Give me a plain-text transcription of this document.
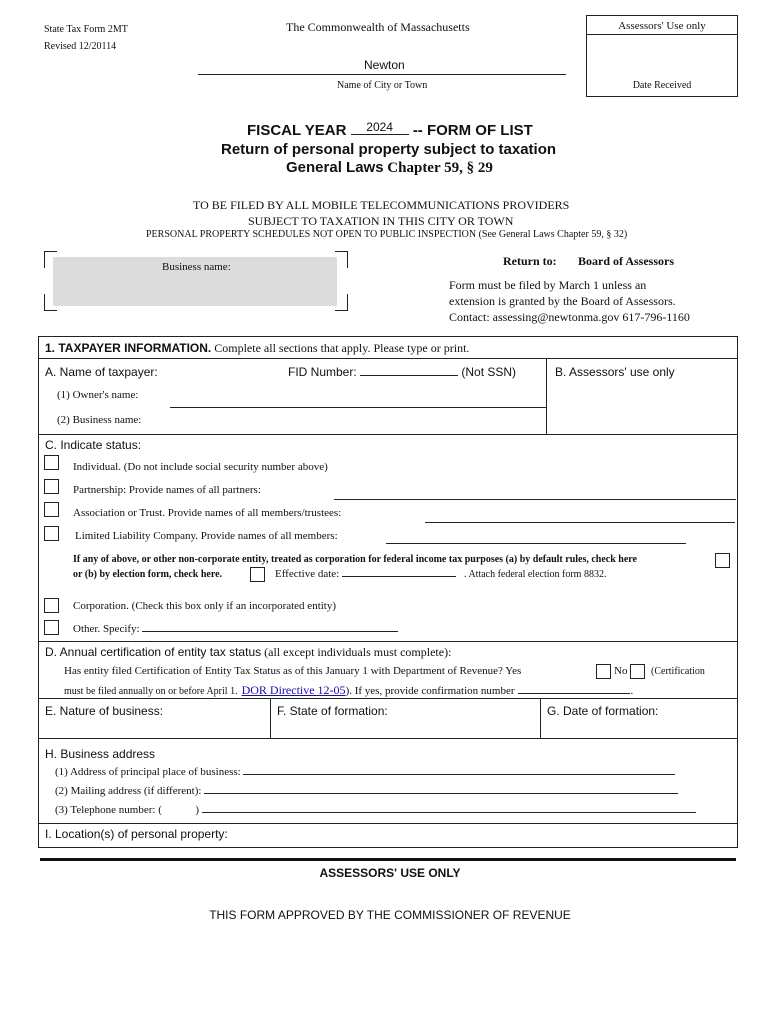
State Tax Form 2MT
Revised 12/20114
The Commonwealth of Massachusetts
Newton
Name of City or Town
Assessors' Use only
Date Received
FISCAL YEAR 2024 -- FORM OF LIST
Return of personal property subject to taxation
General Laws Chapter 59, § 29
TO BE FILED BY ALL MOBILE TELECOMMUNICATIONS PROVIDERS
SUBJECT TO TAXATION IN THIS CITY OR TOWN
PERSONAL PROPERTY SCHEDULES NOT OPEN TO PUBLIC INSPECTION (See General Laws Chapter 59, § 32)
Business name:	Return to: Board of Assessors
Form must be filed by March 1 unless an
extension is granted by the Board of Assessors.
Contact: assessing@newtonma.gov 617-796-1160
1. TAXPAYER INFORMATION. Complete all sections that apply. Please type or print.
A. Name of taxpayer:	FID Number:	(Not SSN)	B. Assessors' use only
(1) Owner's name:
(2) Business name:
C. Indicate status:
Individual. (Do not include social security number above)
Partnership: Provide names of all partners:
Association or Trust. Provide names of all members/trustees:
Limited Liability Company. Provide names of all members:
If any of above, or other non-corporate entity, treated as corporation for federal income tax purposes (a) by default rules, check here
or (b) by election form, check here.	Effective date:	. Attach federal election form 8832.
Corporation. (Check this box only if an incorporated entity)
Other. Specify:
D. Annual certification of entity tax status (all except individuals must complete):
Has entity filed Certification of Entity Tax Status as of this January 1 with Department of Revenue? Yes	No (Certification
must be filed annually on or before April 1. DOR Directive 12-05). If yes, provide confirmation number	.
E. Nature of business:	F. State of formation:	G. Date of formation:
H. Business address
(1) Address of principal place of business:
(2) Mailing address (if different):
(3) Telephone number: (	)
I. Location(s) of personal property:
ASSESSORS' USE ONLY
THIS FORM APPROVED BY THE COMMISSIONER OF REVENUE
